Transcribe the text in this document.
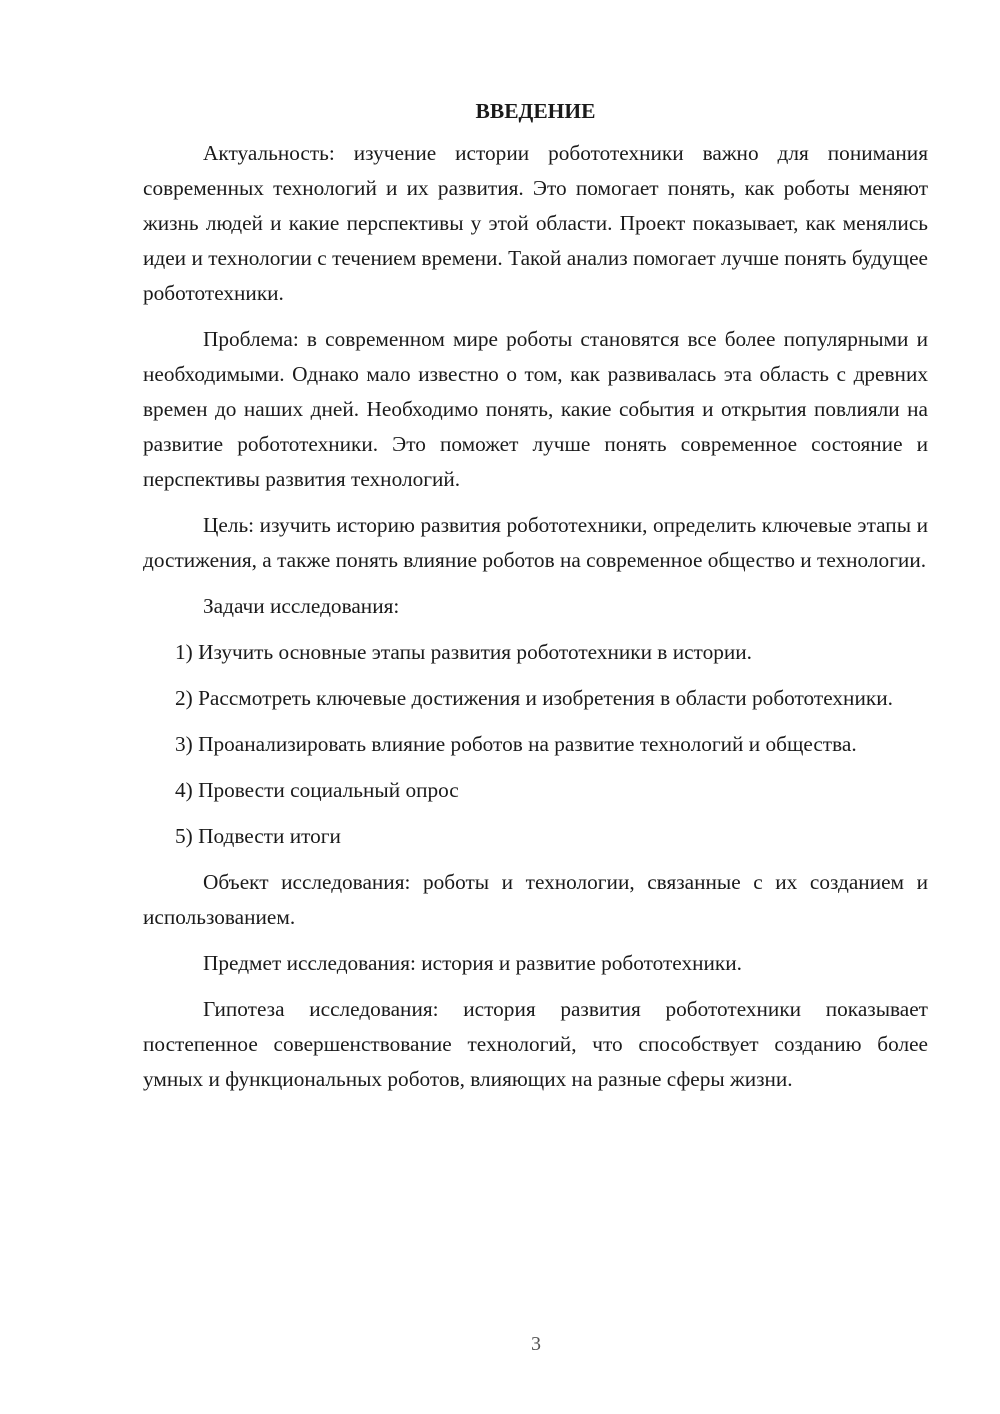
ВВЕДЕНИЕ

Актуальность: изучение истории робототехники важно для понимания современных технологий и их развития. Это помогает понять, как роботы меняют жизнь людей и какие перспективы у этой области. Проект показывает, как менялись идеи и технологии с течением времени. Такой анализ помогает лучше понять будущее робототехники.

Проблема: в современном мире роботы становятся все более популярными и необходимыми. Однако мало известно о том, как развивалась эта область с древних времен до наших дней. Необходимо понять, какие события и открытия повлияли на развитие робототехники. Это поможет лучше понять современное состояние и перспективы развития технологий.

Цель: изучить историю развития робототехники, определить ключевые этапы и достижения, а также понять влияние роботов на современное общество и технологии.

Задачи исследования:

1) Изучить основные этапы развития робототехники в истории.

2) Рассмотреть ключевые достижения и изобретения в области робототехники.

3) Проанализировать влияние роботов на развитие технологий и общества.

4) Провести социальный опрос

5) Подвести итоги

Объект исследования: роботы и технологии, связанные с их созданием и использованием.

Предмет исследования: история и развитие робототехники.

Гипотеза исследования: история развития робототехники показывает постепенное совершенствование технологий, что способствует созданию более умных и функциональных роботов, влияющих на разные сферы жизни.

3
